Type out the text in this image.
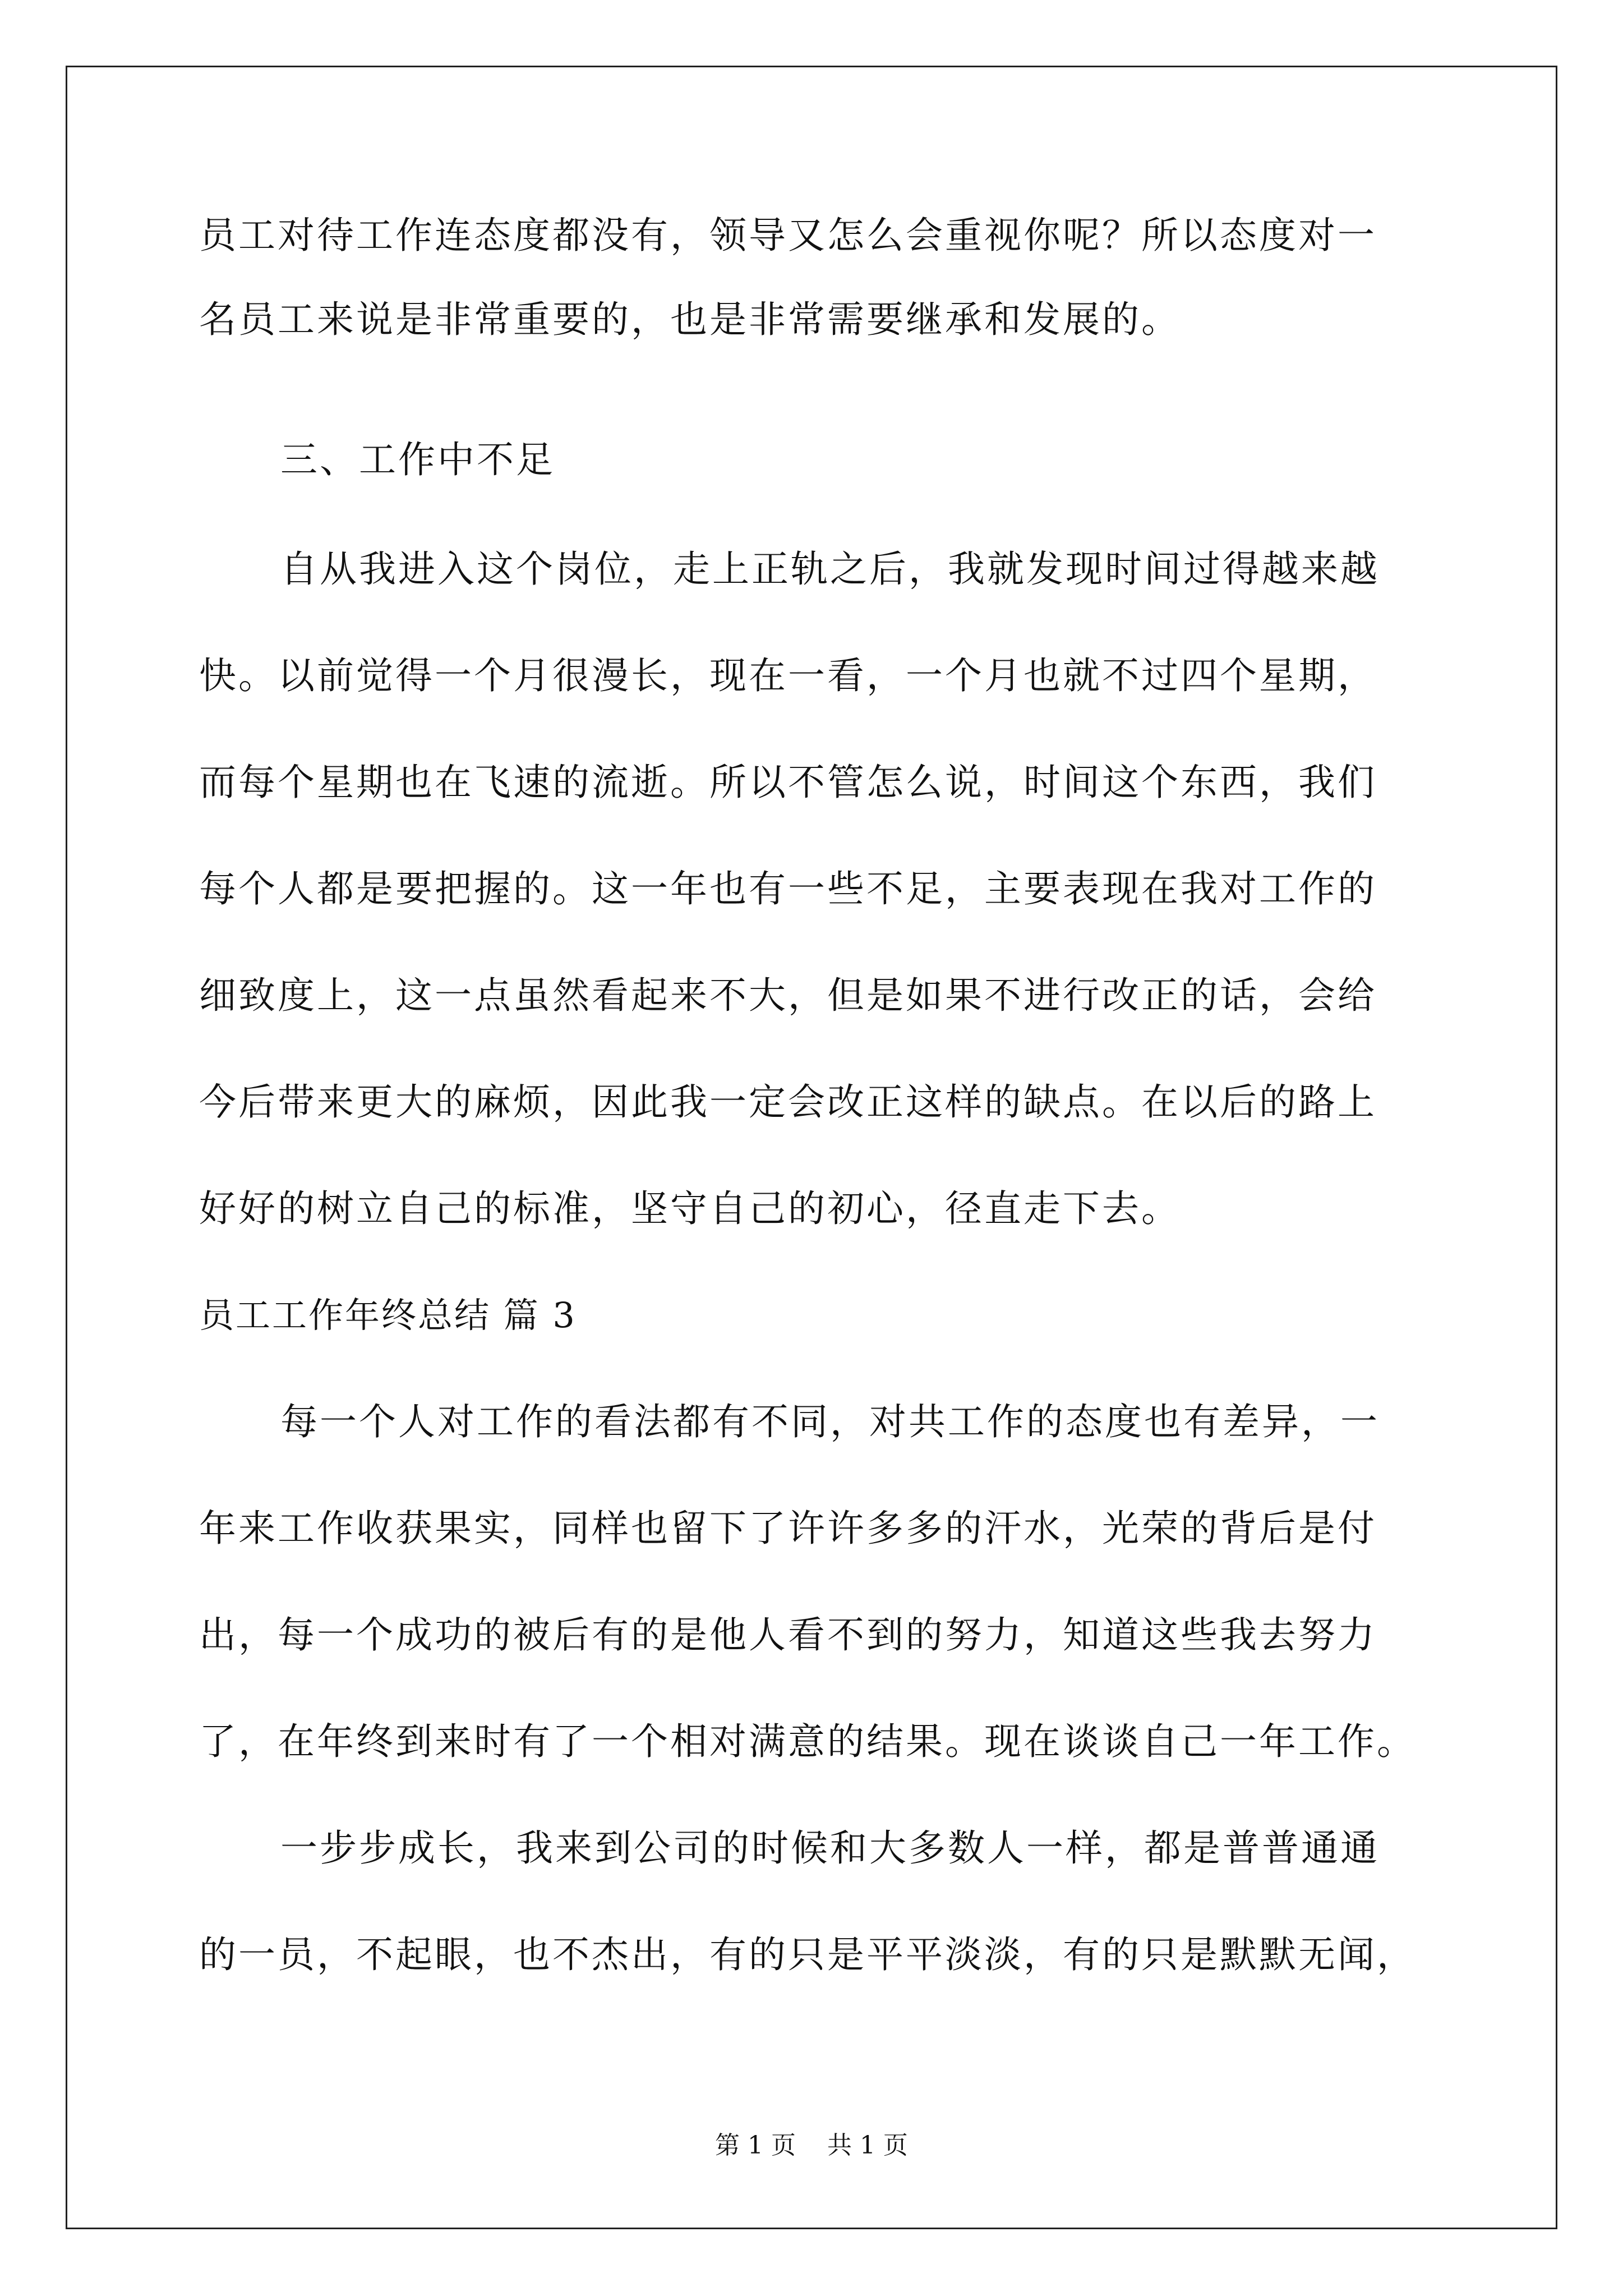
员工对待工作连态度都没有，领导又怎么会重视你呢？所以态度对一
名员工来说是非常重要的，也是非常需要继承和发展的。
三、工作中不足
自从我进入这个岗位，走上正轨之后，我就发现时间过得越来越
快。以前觉得一个月很漫长，现在一看，一个月也就不过四个星期，
而每个星期也在飞速的流逝。所以不管怎么说，时间这个东西，我们
每个人都是要把握的。这一年也有一些不足，主要表现在我对工作的
细致度上，这一点虽然看起来不大，但是如果不进行改正的话，会给
今后带来更大的麻烦，因此我一定会改正这样的缺点。在以后的路上
好好的树立自己的标准，坚守自己的初心，径直走下去。
员工工作年终总结 篇 3
每一个人对工作的看法都有不同，对共工作的态度也有差异，一
年来工作收获果实，同样也留下了许许多多的汗水，光荣的背后是付
出，每一个成功的被后有的是他人看不到的努力，知道这些我去努力
了，在年终到来时有了一个相对满意的结果。现在谈谈自己一年工作。
一步步成长，我来到公司的时候和大多数人一样，都是普普通通
的一员，不起眼，也不杰出，有的只是平平淡淡，有的只是默默无闻，
第 1 页    共 1 页
